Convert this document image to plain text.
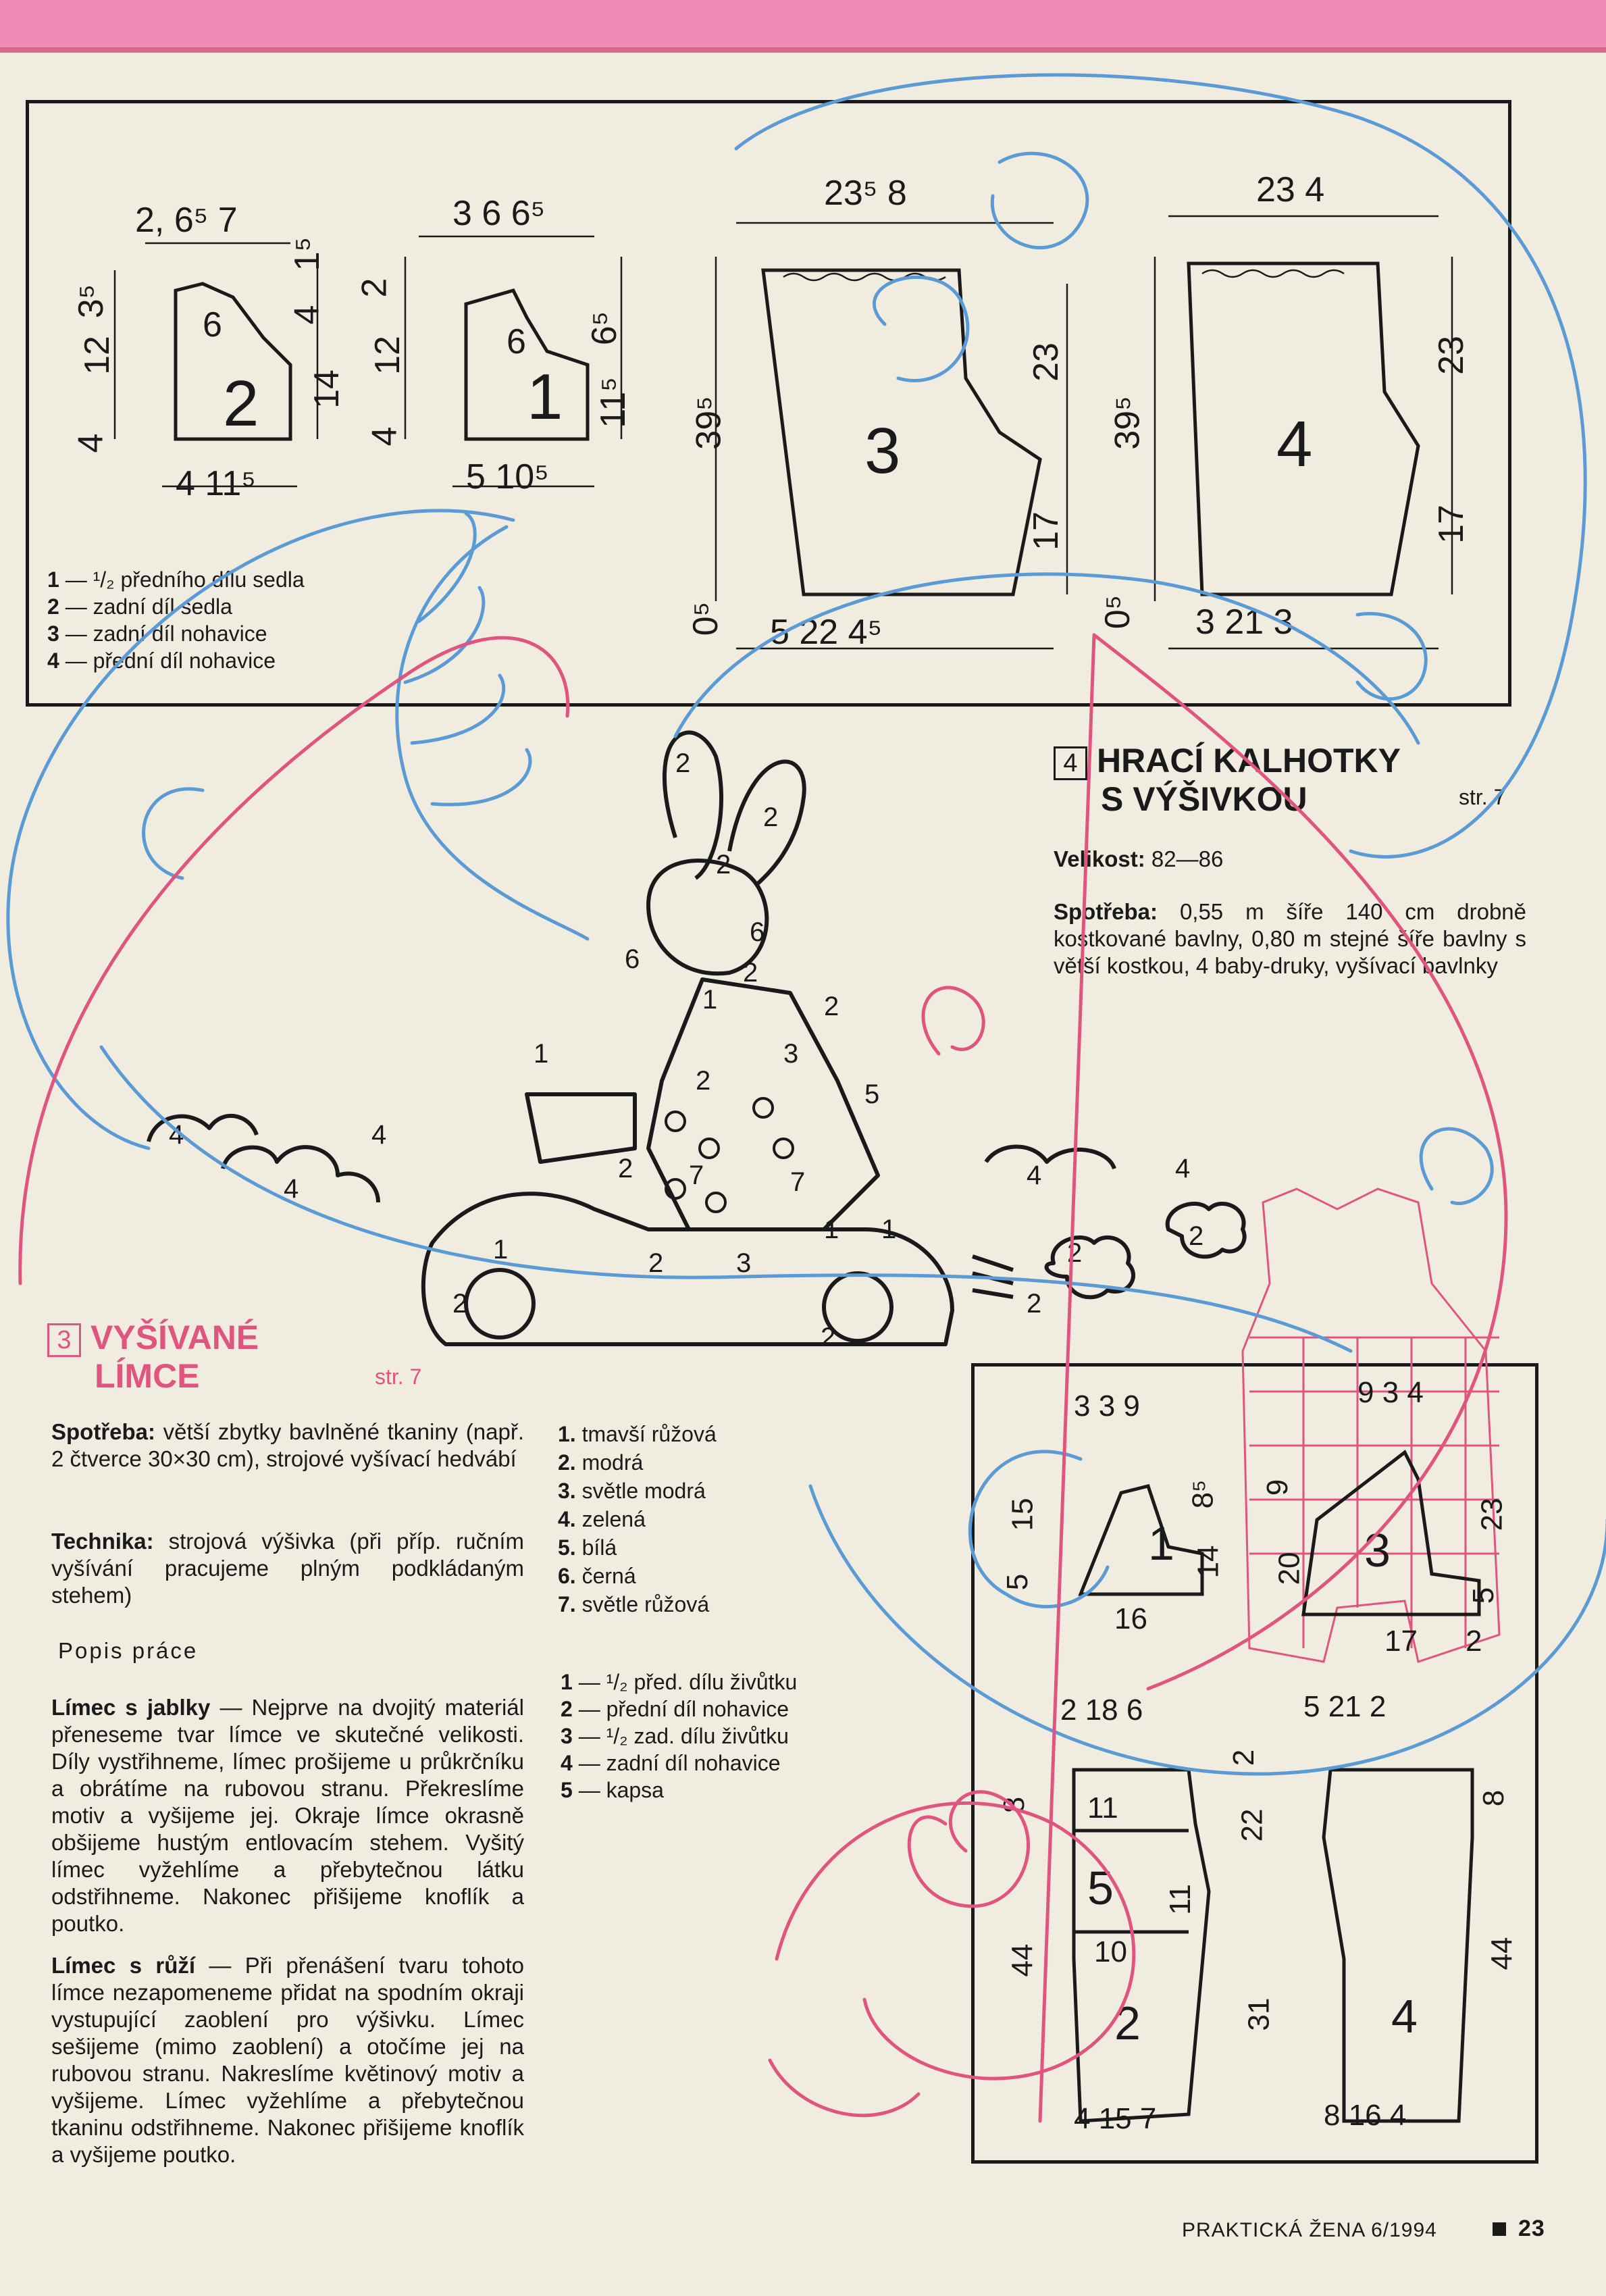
2, 6⁵ 7
3⁵
12
4
1⁵
4
14
4 11⁵
2
6
3 6 6⁵
2
12
4
6⁵
11⁵
5 10⁵
1
6
23⁵ 8
39⁵
23
17
0⁵ 5 22 4⁵
3
23 4
39⁵
23
17
0⁵ 3 21 3
4
1 — ¹/₂ předního dílu sedla
2 — zadní díl sedla
3 — zadní díl nohavice
4 — přední díl nohavice
4 HRACÍ KALHOTKY
S VÝŠIVKOU	str. 7
Velikost: 82—86
Spotřeba: 0,55 m šíře 140 cm drobně kostkované bavlny, 0,80 m stejné šíře bavlny s větší kostkou, 4 baby-druky, vyšívací bavlnky
2
2
2
6
6	2
1	2
3
1
2	5
2 7	7
1 1
2	3
1
2
2
2
4
4
4
4	4
2
2
3 VYŠÍVANÉ
LÍMCE	str. 7
Spotřeba: větší zbytky bavlněné tkaniny (např. 2 čtverce 30×30 cm), strojové vyšívací hedvábí
Technika: strojová výšivka (při příp. ručním vyšívání pracujeme plným podkládaným stehem)
Popis práce
Límec s jablky — Nejprve na dvojitý materiál přeneseme tvar límce ve skutečné velikosti. Díly vystřihneme, límec prošijeme u průkrčníku a obrátíme na rubovou stranu. Překreslíme motiv a vyšijeme jej. Okraje límce okrasně obšijeme hustým entlovacím stehem. Vyšitý límec vyžehlíme a přebytečnou látku odstřihneme. Nakonec přišijeme knoflík a poutko.
Límec s růží — Při přenášení tvaru tohoto límce nezapomeneme přidat na spodním okraji vystupující zaoblení pro výšivku. Límec sešijeme (mimo zaoblení) a otočíme jej na rubovou stranu. Nakreslíme květinový motiv a vyšijeme. Límec vyžehlíme a přebytečnou tkaninu odstřihneme. Nakonec přišijeme knoflík a vyšijeme poutko.
1. tmavší růžová
2. modrá
3. světle modrá
4. zelená
5. bílá
6. černá
7. světle růžová
1 — ¹/₂ před. dílu živůtku
2 — přední díl nohavice
3 — ¹/₂ zad. dílu živůtku
4 — zadní díl nohavice
5 — kapsa
3 3 9
15
5
8⁵
14
16
1
9 3 4
9
20
23
5
17 2
3
2 18 6
8
44
11
11
10
2
22
31
4 15 7
5
2
5 21 2
8
44
8 16 4
4
PRAKTICKÁ ŽENA 6/1994	23
